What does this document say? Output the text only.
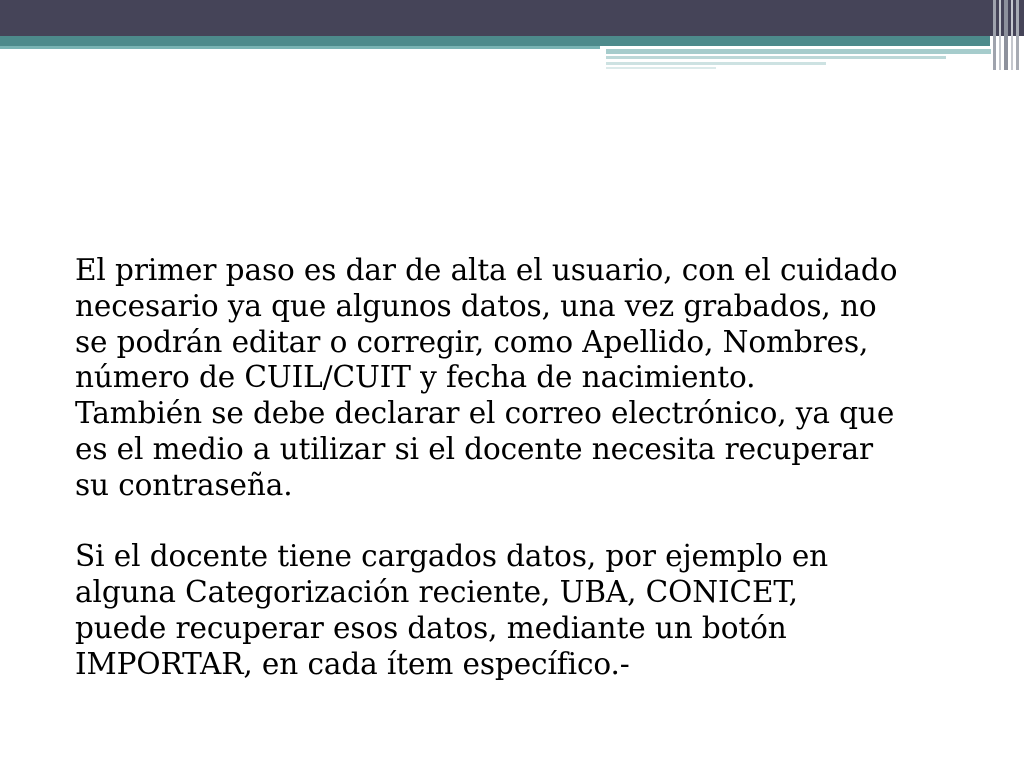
El primer paso es dar de alta el usuario, con el cuidado

necesario ya que algunos datos, una vez grabados, no

se podrán editar o corregir, como Apellido, Nombres,

número de CUIL/CUIT y fecha de nacimiento.

También se debe declarar el correo electrónico, ya que

es el medio a utilizar si el docente necesita recuperar

su contraseña.

Si el docente tiene cargados datos, por ejemplo en

alguna Categorización reciente, UBA, CONICET,

puede recuperar esos datos, mediante un botón

IMPORTAR, en cada ítem específico.-
